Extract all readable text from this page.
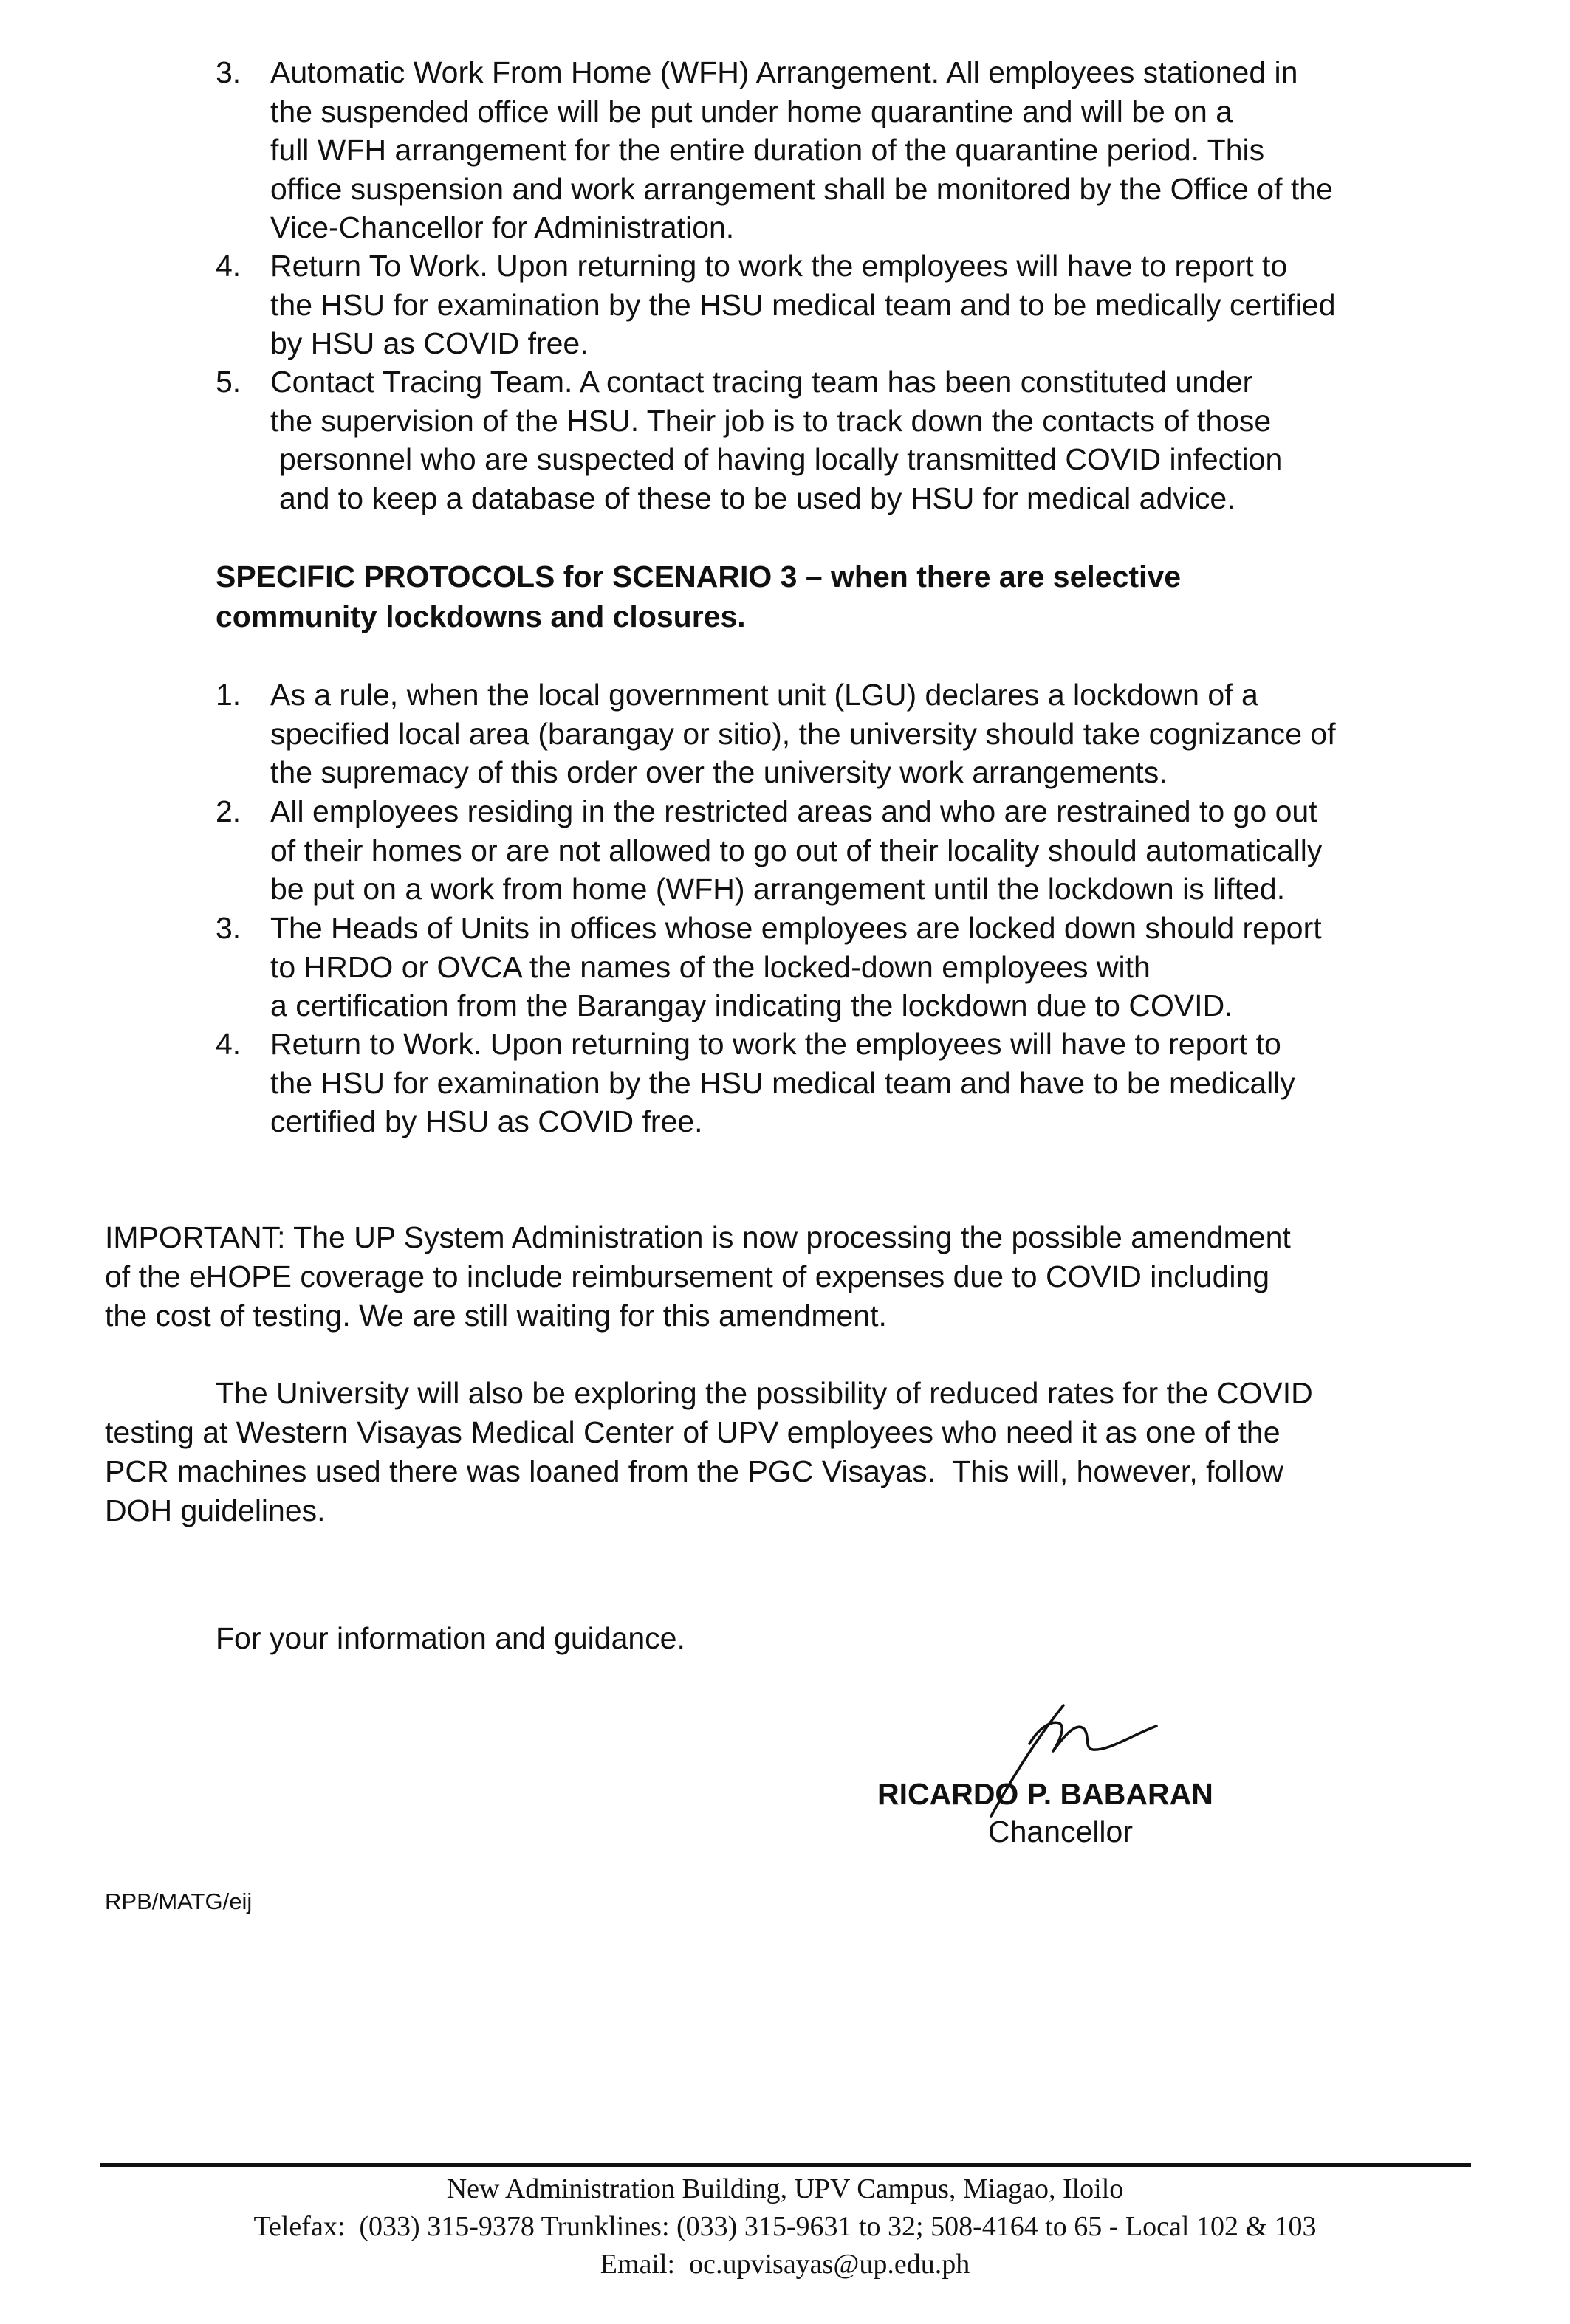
3. Automatic Work From Home (WFH) Arrangement. All employees stationed in
the suspended office will be put under home quarantine and will be on a
full WFH arrangement for the entire duration of the quarantine period. This
office suspension and work arrangement shall be monitored by the Office of the
Vice-Chancellor for Administration.
4. Return To Work. Upon returning to work the employees will have to report to
the HSU for examination by the HSU medical team and to be medically certified
by HSU as COVID free.
5. Contact Tracing Team. A contact tracing team has been constituted under
the supervision of the HSU. Their job is to track down the contacts of those
personnel who are suspected of having locally transmitted COVID infection
and to keep a database of these to be used by HSU for medical advice.
SPECIFIC PROTOCOLS for SCENARIO 3 – when there are selective
community lockdowns and closures.
1. As a rule, when the local government unit (LGU) declares a lockdown of a
specified local area (barangay or sitio), the university should take cognizance of
the supremacy of this order over the university work arrangements.
2. All employees residing in the restricted areas and who are restrained to go out
of their homes or are not allowed to go out of their locality should automatically
be put on a work from home (WFH) arrangement until the lockdown is lifted.
3. The Heads of Units in offices whose employees are locked down should report
to HRDO or OVCA the names of the locked-down employees with
a certification from the Barangay indicating the lockdown due to COVID.
4. Return to Work. Upon returning to work the employees will have to report to
the HSU for examination by the HSU medical team and have to be medically
certified by HSU as COVID free.
IMPORTANT: The UP System Administration is now processing the possible amendment
of the eHOPE coverage to include reimbursement of expenses due to COVID including
the cost of testing. We are still waiting for this amendment.
The University will also be exploring the possibility of reduced rates for the COVID
testing at Western Visayas Medical Center of UPV employees who need it as one of the
PCR machines used there was loaned from the PGC Visayas.  This will, however, follow
DOH guidelines.
For your information and guidance.
RICARDO P. BABARAN
Chancellor
RPB/MATG/eij
New Administration Building, UPV Campus, Miagao, Iloilo
Telefax:  (033) 315-9378 Trunklines: (033) 315-9631 to 32; 508-4164 to 65 - Local 102 & 103
Email:  oc.upvisayas@up.edu.ph
